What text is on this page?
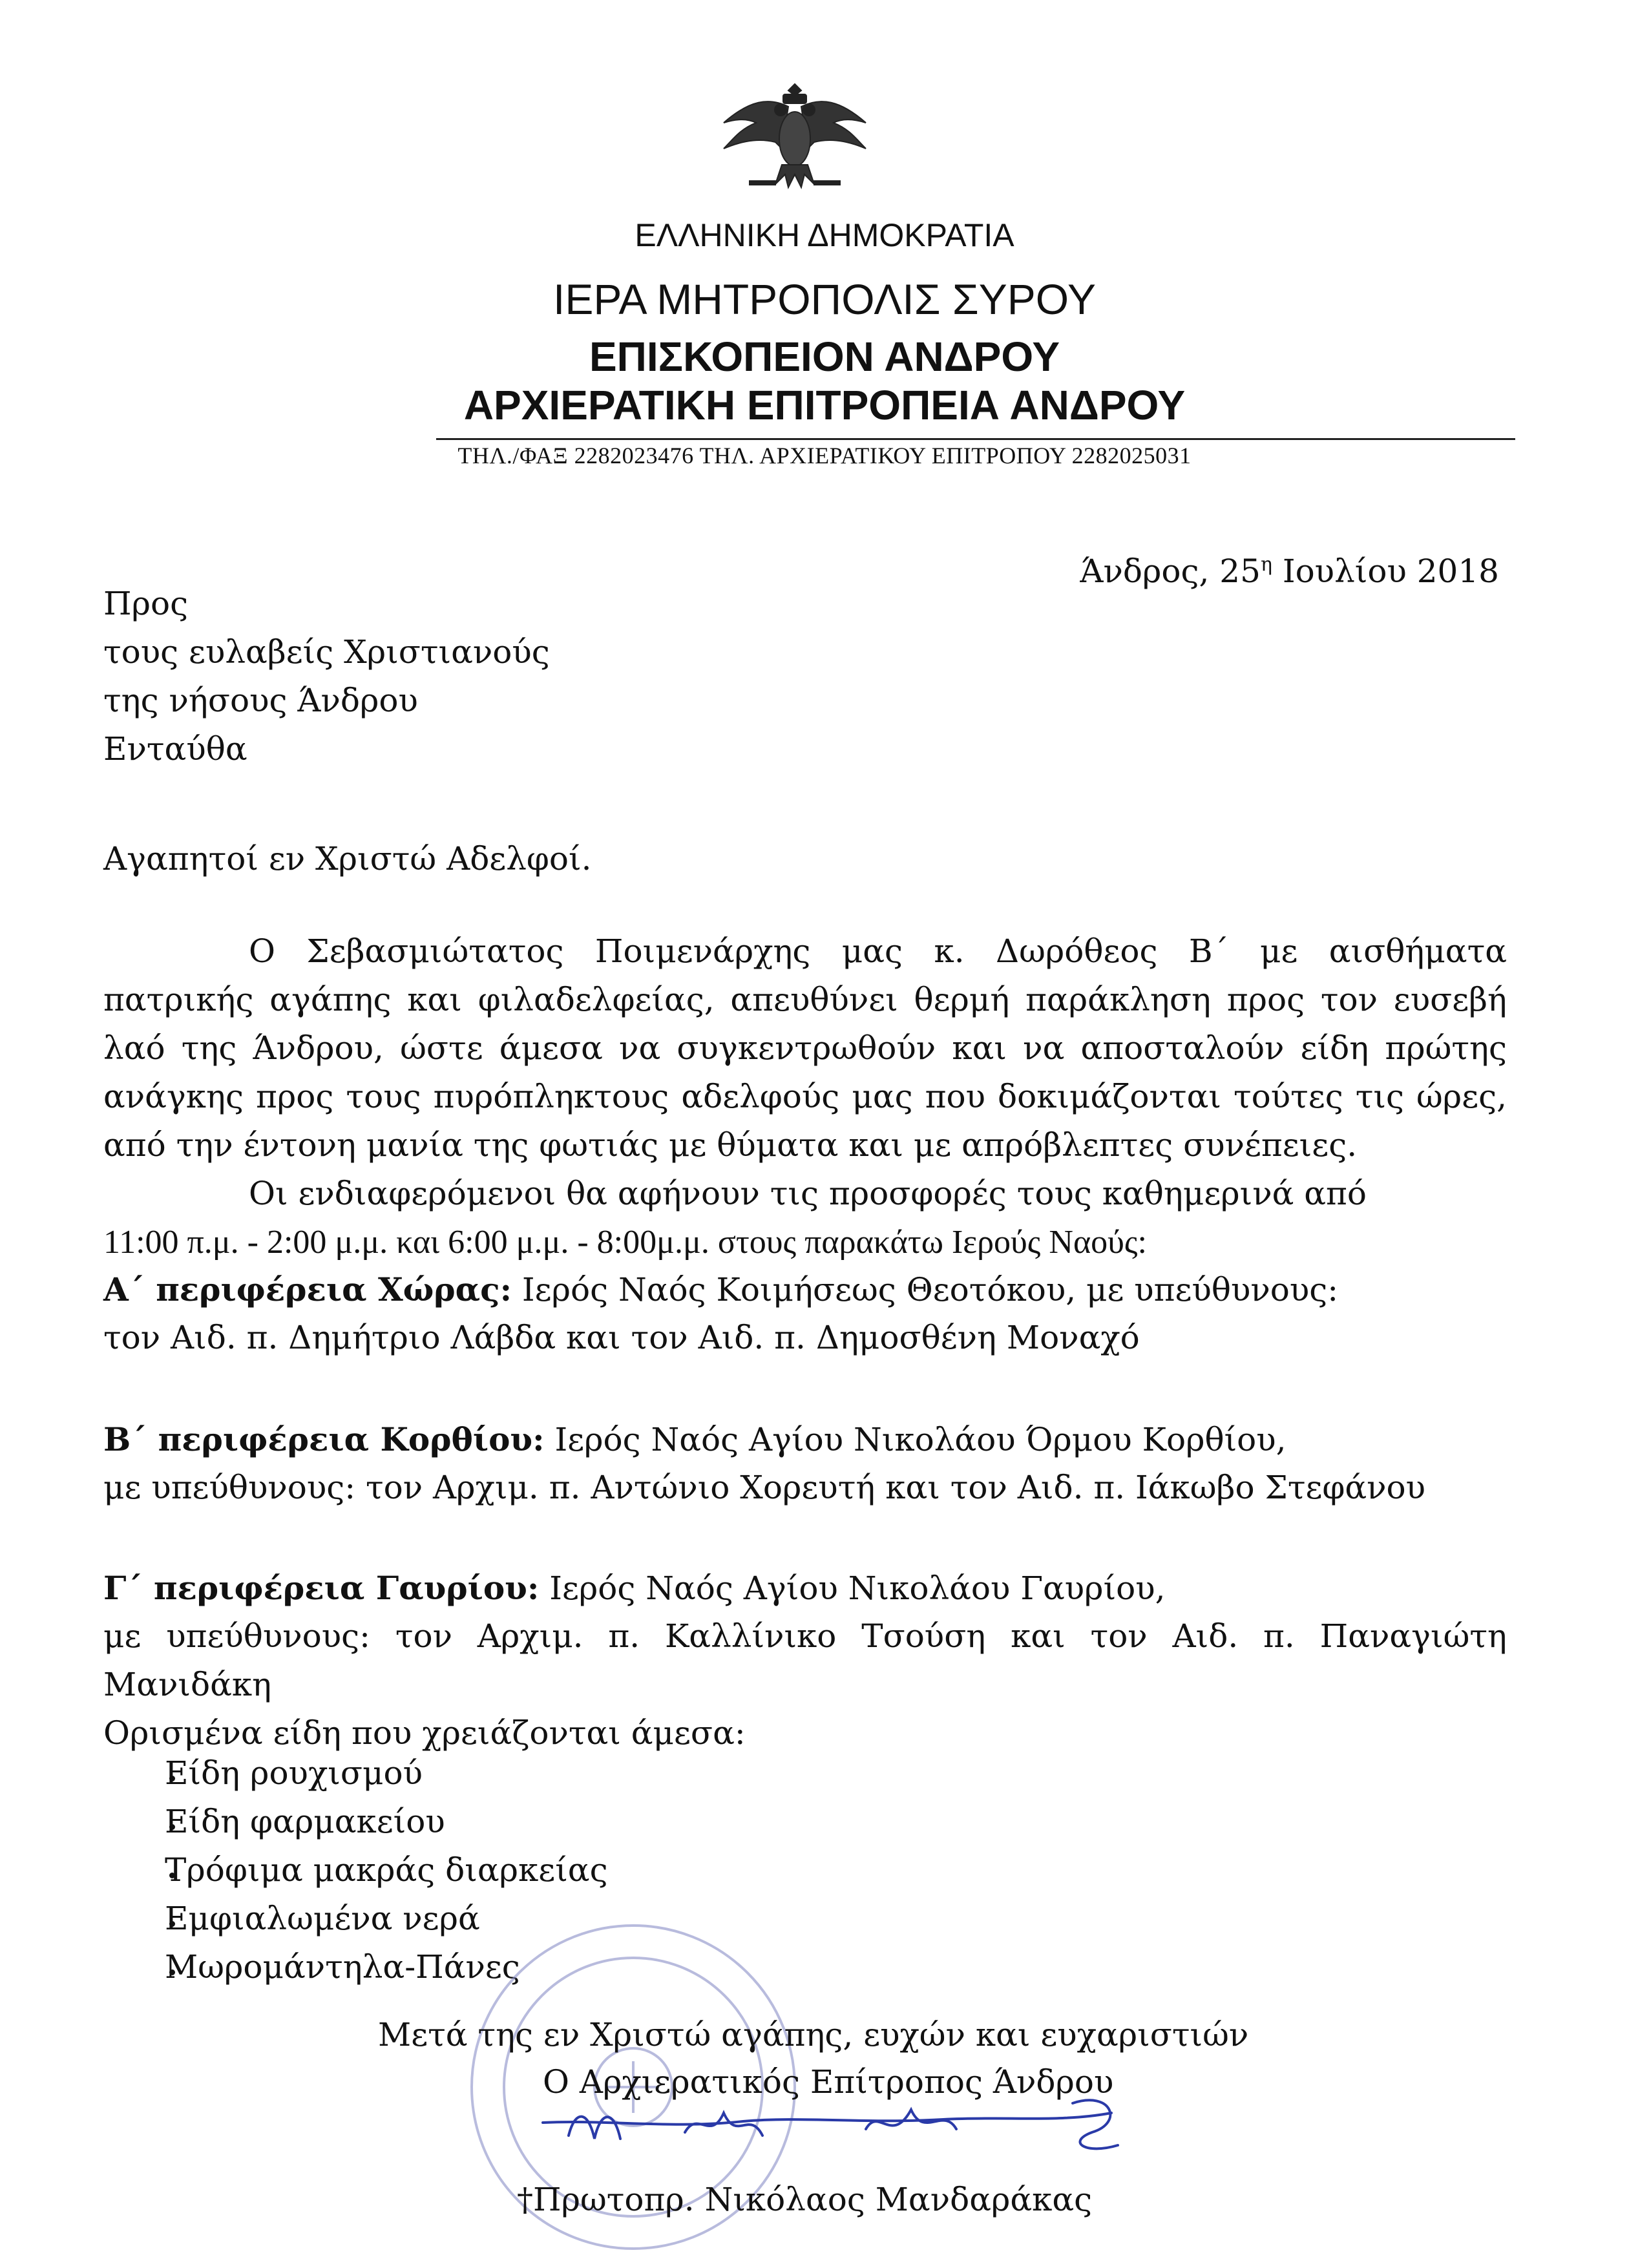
ΕΛΛΗΝΙΚΗ ΔΗΜΟΚΡΑΤΙΑ
ΙΕΡΑ ΜΗΤΡΟΠΟΛΙΣ ΣΥΡΟΥ
ΕΠΙΣΚΟΠΕΙΟΝ ΑΝΔΡΟΥ
ΑΡΧΙΕΡΑΤΙΚΗ ΕΠΙΤΡΟΠΕΙΑ ΑΝΔΡΟΥ
ΤΗΛ./ΦΑΞ 2282023476 ΤΗΛ. ΑΡΧΙΕΡΑΤΙΚΟΥ ΕΠΙΤΡΟΠΟΥ 2282025031
Άνδρος, $25^\eta$ Ιουλίου 2018
Προς
τους ευλαβείς Χριστιανούς
της νήσους Άνδρου
Ενταύθα
Αγαπητοί εν Χριστώ Αδελφοί.
Ο Σεβασμιώτατος Ποιμενάρχης μας κ. Δωρόθεος Β΄ με αισθήματα
πατρικής αγάπης και φιλαδελφείας, απευθύνει θερμή παράκληση προς τον ευσεβή
λαό της Άνδρου, ώστε άμεσα να συγκεντρωθούν και να αποσταλούν είδη πρώτης
ανάγκης προς τους πυρόπληκτους αδελφούς μας που δοκιμάζονται τούτες τις ώρες,
από την έντονη μανία της φωτιάς με θύματα και με απρόβλεπτες συνέπειες.
Οι ενδιαφερόμενοι θα αφήνουν τις προσφορές τους καθημερινά από
11:00 π.μ. - 2:00 μ.μ. και 6:00 μ.μ. - 8:00μ.μ. στους παρακάτω Ιερούς Ναούς:
Α΄ περιφέρεια Χώρας: Ιερός Ναός Κοιμήσεως Θεοτόκου, με υπεύθυνους:
τον Αιδ. π. Δημήτριο Λάβδα και τον Αιδ. π. Δημοσθένη Μοναχό
Β΄ περιφέρεια Κορθίου: Ιερός Ναός Αγίου Νικολάου Όρμου Κορθίου,
με υπεύθυνους: τον Αρχιμ. π. Αντώνιο Χορευτή και τον Αιδ. π. Ιάκωβο Στεφάνου
Γ΄ περιφέρεια Γαυρίου: Ιερός Ναός Αγίου Νικολάου Γαυρίου,
με υπεύθυνους: τον Αρχιμ. π. Καλλίνικο Τσούση και τον Αιδ. π. Παναγιώτη
Μανιδάκη
Ορισμένα είδη που χρειάζονται άμεσα:
Είδη ρουχισμού
Είδη φαρμακείου
Τρόφιμα μακράς διαρκείας
Εμφιαλωμένα νερά
Μωρομάντηλα-Πάνες
Μετά της εν Χριστώ αγάπης, ευχών και ευχαριστιών
Ο Αρχιερατικός Επίτροπος Άνδρου
†Πρωτοπρ. Νικόλαος Μανδαράκας
